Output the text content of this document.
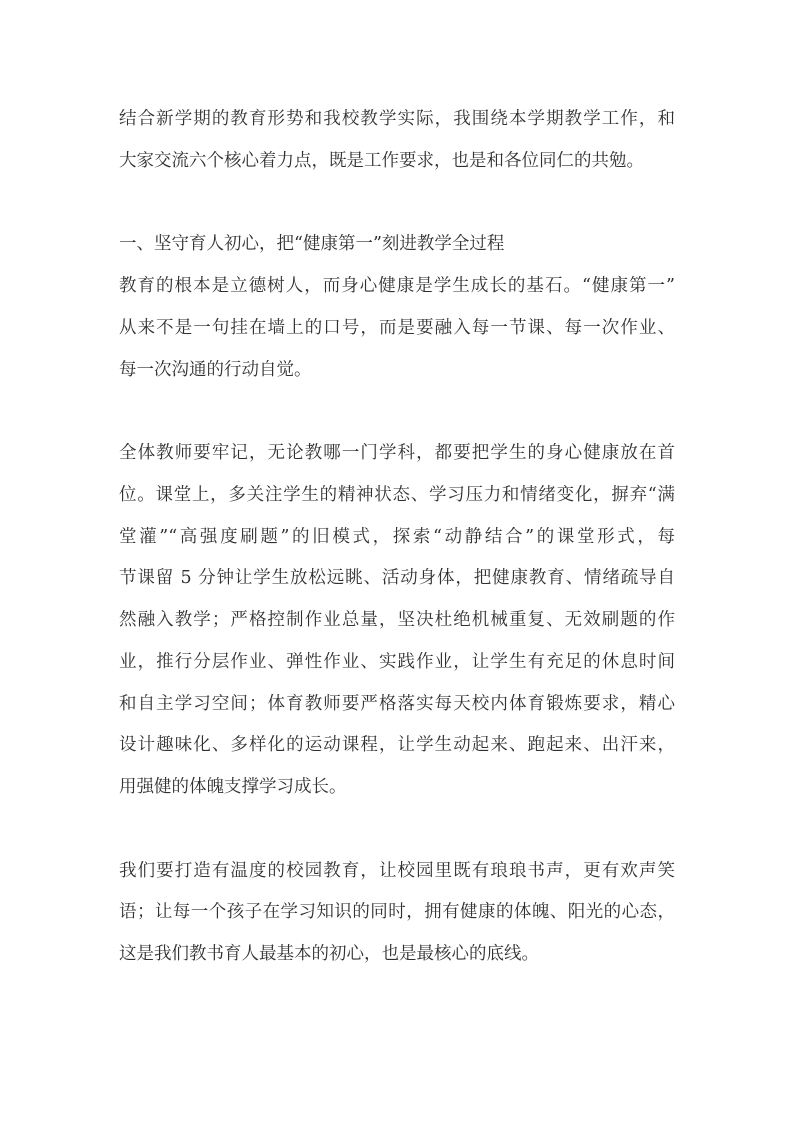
结合新学期的教育形势和我校教学实际，我围绕本学期教学工作，和
大家交流六个核心着力点，既是工作要求，也是和各位同仁的共勉。
一、坚守育人初心，把“健康第一”刻进教学全过程
教育的根本是立德树人，而身心健康是学生成长的基石。“健康第一”
从来不是一句挂在墙上的口号，而是要融入每一节课、每一次作业、
每一次沟通的行动自觉。
全体教师要牢记，无论教哪一门学科，都要把学生的身心健康放在首
位。课堂上，多关注学生的精神状态、学习压力和情绪变化，摒弃“满
堂灌”“高强度刷题”的旧模式，探索“动静结合”的课堂形式，每
节课留 5 分钟让学生放松远眺、活动身体，把健康教育、情绪疏导自
然融入教学；严格控制作业总量，坚决杜绝机械重复、无效刷题的作
业，推行分层作业、弹性作业、实践作业，让学生有充足的休息时间
和自主学习空间；体育教师要严格落实每天校内体育锻炼要求，精心
设计趣味化、多样化的运动课程，让学生动起来、跑起来、出汗来，
用强健的体魄支撑学习成长。
我们要打造有温度的校园教育，让校园里既有琅琅书声，更有欢声笑
语；让每一个孩子在学习知识的同时，拥有健康的体魄、阳光的心态，
这是我们教书育人最基本的初心，也是最核心的底线。
